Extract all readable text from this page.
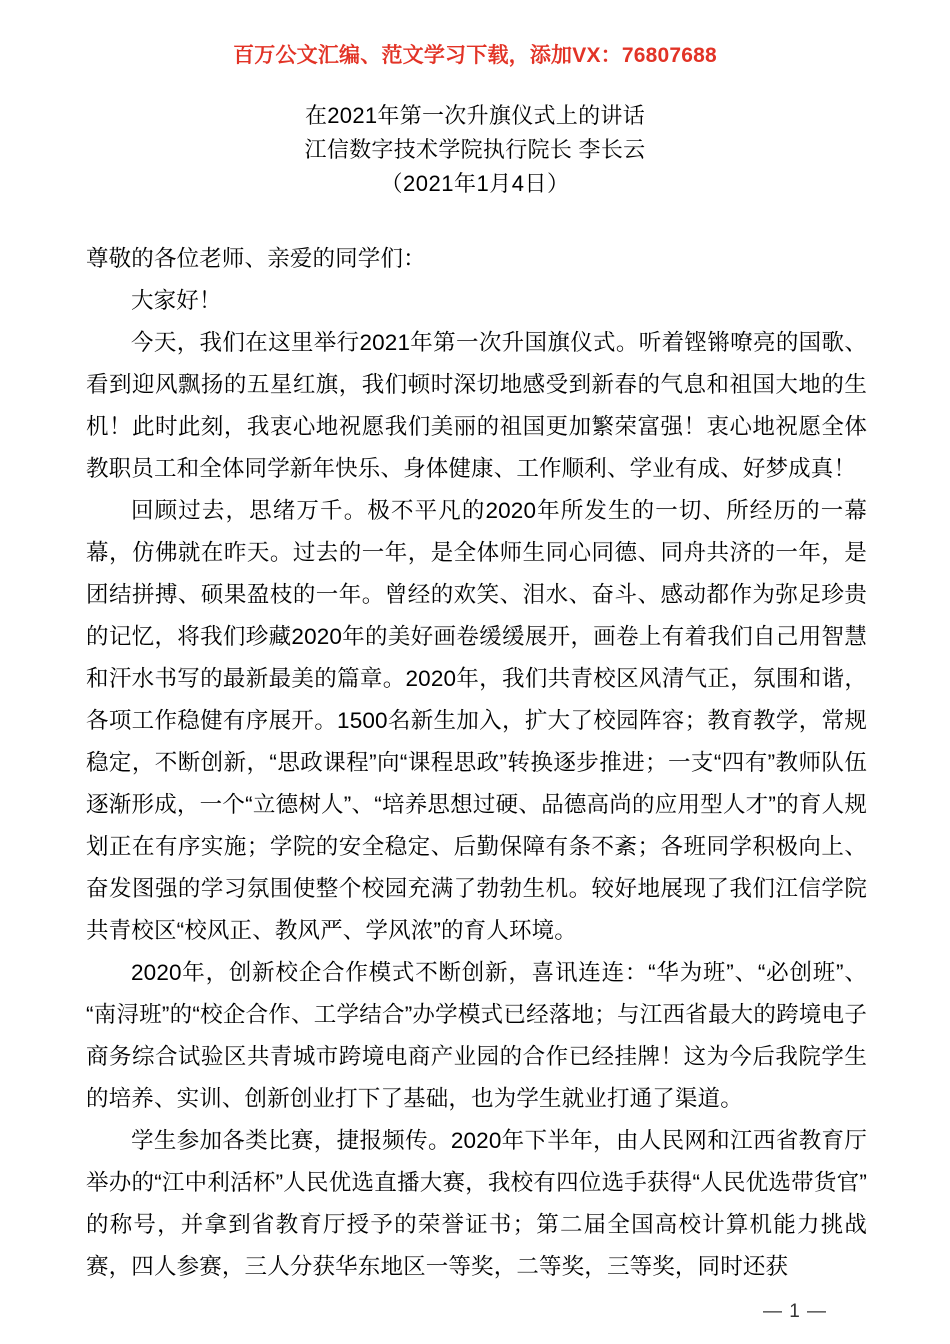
百万公文汇编、范文学习下载，添加VX：76807688
在2021年第一次升旗仪式上的讲话
江信数字技术学院执行院长 李长云
（2021年1月4日）

尊敬的各位老师、亲爱的同学们：

大家好！

今天，我们在这里举行2021年第一次升国旗仪式。听着铿锵嘹亮的国歌、看到迎风飘扬的五星红旗，我们顿时深切地感受到新春的气息和祖国大地的生机！此时此刻，我衷心地祝愿我们美丽的祖国更加繁荣富强！衷心地祝愿全体教职员工和全体同学新年快乐、身体健康、工作顺利、学业有成、好梦成真！

回顾过去，思绪万千。极不平凡的2020年所发生的一切、所经历的一幕幕，仿佛就在昨天。过去的一年，是全体师生同心同德、同舟共济的一年，是团结拼搏、硕果盈枝的一年。曾经的欢笑、泪水、奋斗、感动都作为弥足珍贵的记忆，将我们珍藏2020年的美好画卷缓缓展开，画卷上有着我们自己用智慧和汗水书写的最新最美的篇章。2020年，我们共青校区风清气正，氛围和谐，各项工作稳健有序展开。1500名新生加入，扩大了校园阵容；教育教学，常规稳定，不断创新，“思政课程”向“课程思政”转换逐步推进；一支“四有”教师队伍逐渐形成，一个“立德树人”、“培养思想过硬、品德高尚的应用型人才”的育人规划正在有序实施；学院的安全稳定、后勤保障有条不紊；各班同学积极向上、奋发图强的学习氛围使整个校园充满了勃勃生机。较好地展现了我们江信学院共青校区“校风正、教风严、学风浓”的育人环境。

2020年，创新校企合作模式不断创新，喜讯连连：“华为班”、“必创班”、“南浔班”的“校企合作、工学结合”办学模式已经落地；与江西省最大的跨境电子商务综合试验区共青城市跨境电商产业园的合作已经挂牌！这为今后我院学生的培养、实训、创新创业打下了基础，也为学生就业打通了渠道。

学生参加各类比赛，捷报频传。2020年下半年，由人民网和江西省教育厅举办的“江中利活杯”人民优选直播大赛，我校有四位选手获得“人民优选带货官”的称号，并拿到省教育厅授予的荣誉证书；第二届全国高校计算机能力挑战赛，四人参赛，三人分获华东地区一等奖，二等奖，三等奖，同时还获

— 1 —
